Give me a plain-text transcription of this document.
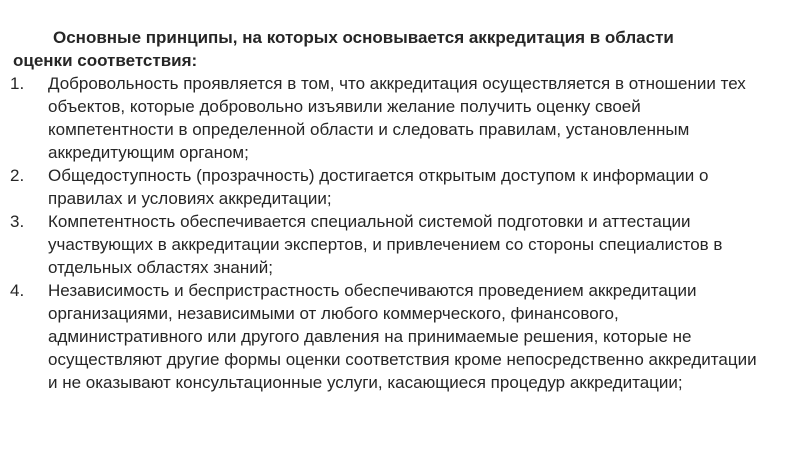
Основные принципы, на которых основывается аккредитация в области оценки соответствия:
1.	Добровольность проявляется в том, что аккредитация осуществляется в отношении тех объектов, которые добровольно изъявили желание получить оценку своей компетентности в определенной области и следовать правилам, установленным аккредитующим органом;
2.	Общедоступность (прозрачность) достигается открытым доступом к информации о правилах и условиях аккредитации;
3.	Компетентность обеспечивается специальной системой подготовки и аттестации участвующих в аккредитации экспертов, и привлечением со стороны специалистов в отдельных областях знаний;
4.	Независимость и беспристрастность обеспечиваются проведением аккредитации организациями, независимыми от любого коммерческого, финансового, административного или другого давления на принимаемые решения, которые не осуществляют другие формы оценки соответствия кроме непосредственно аккредитации и не оказывают консультационные услуги, касающиеся процедур аккредитации;
